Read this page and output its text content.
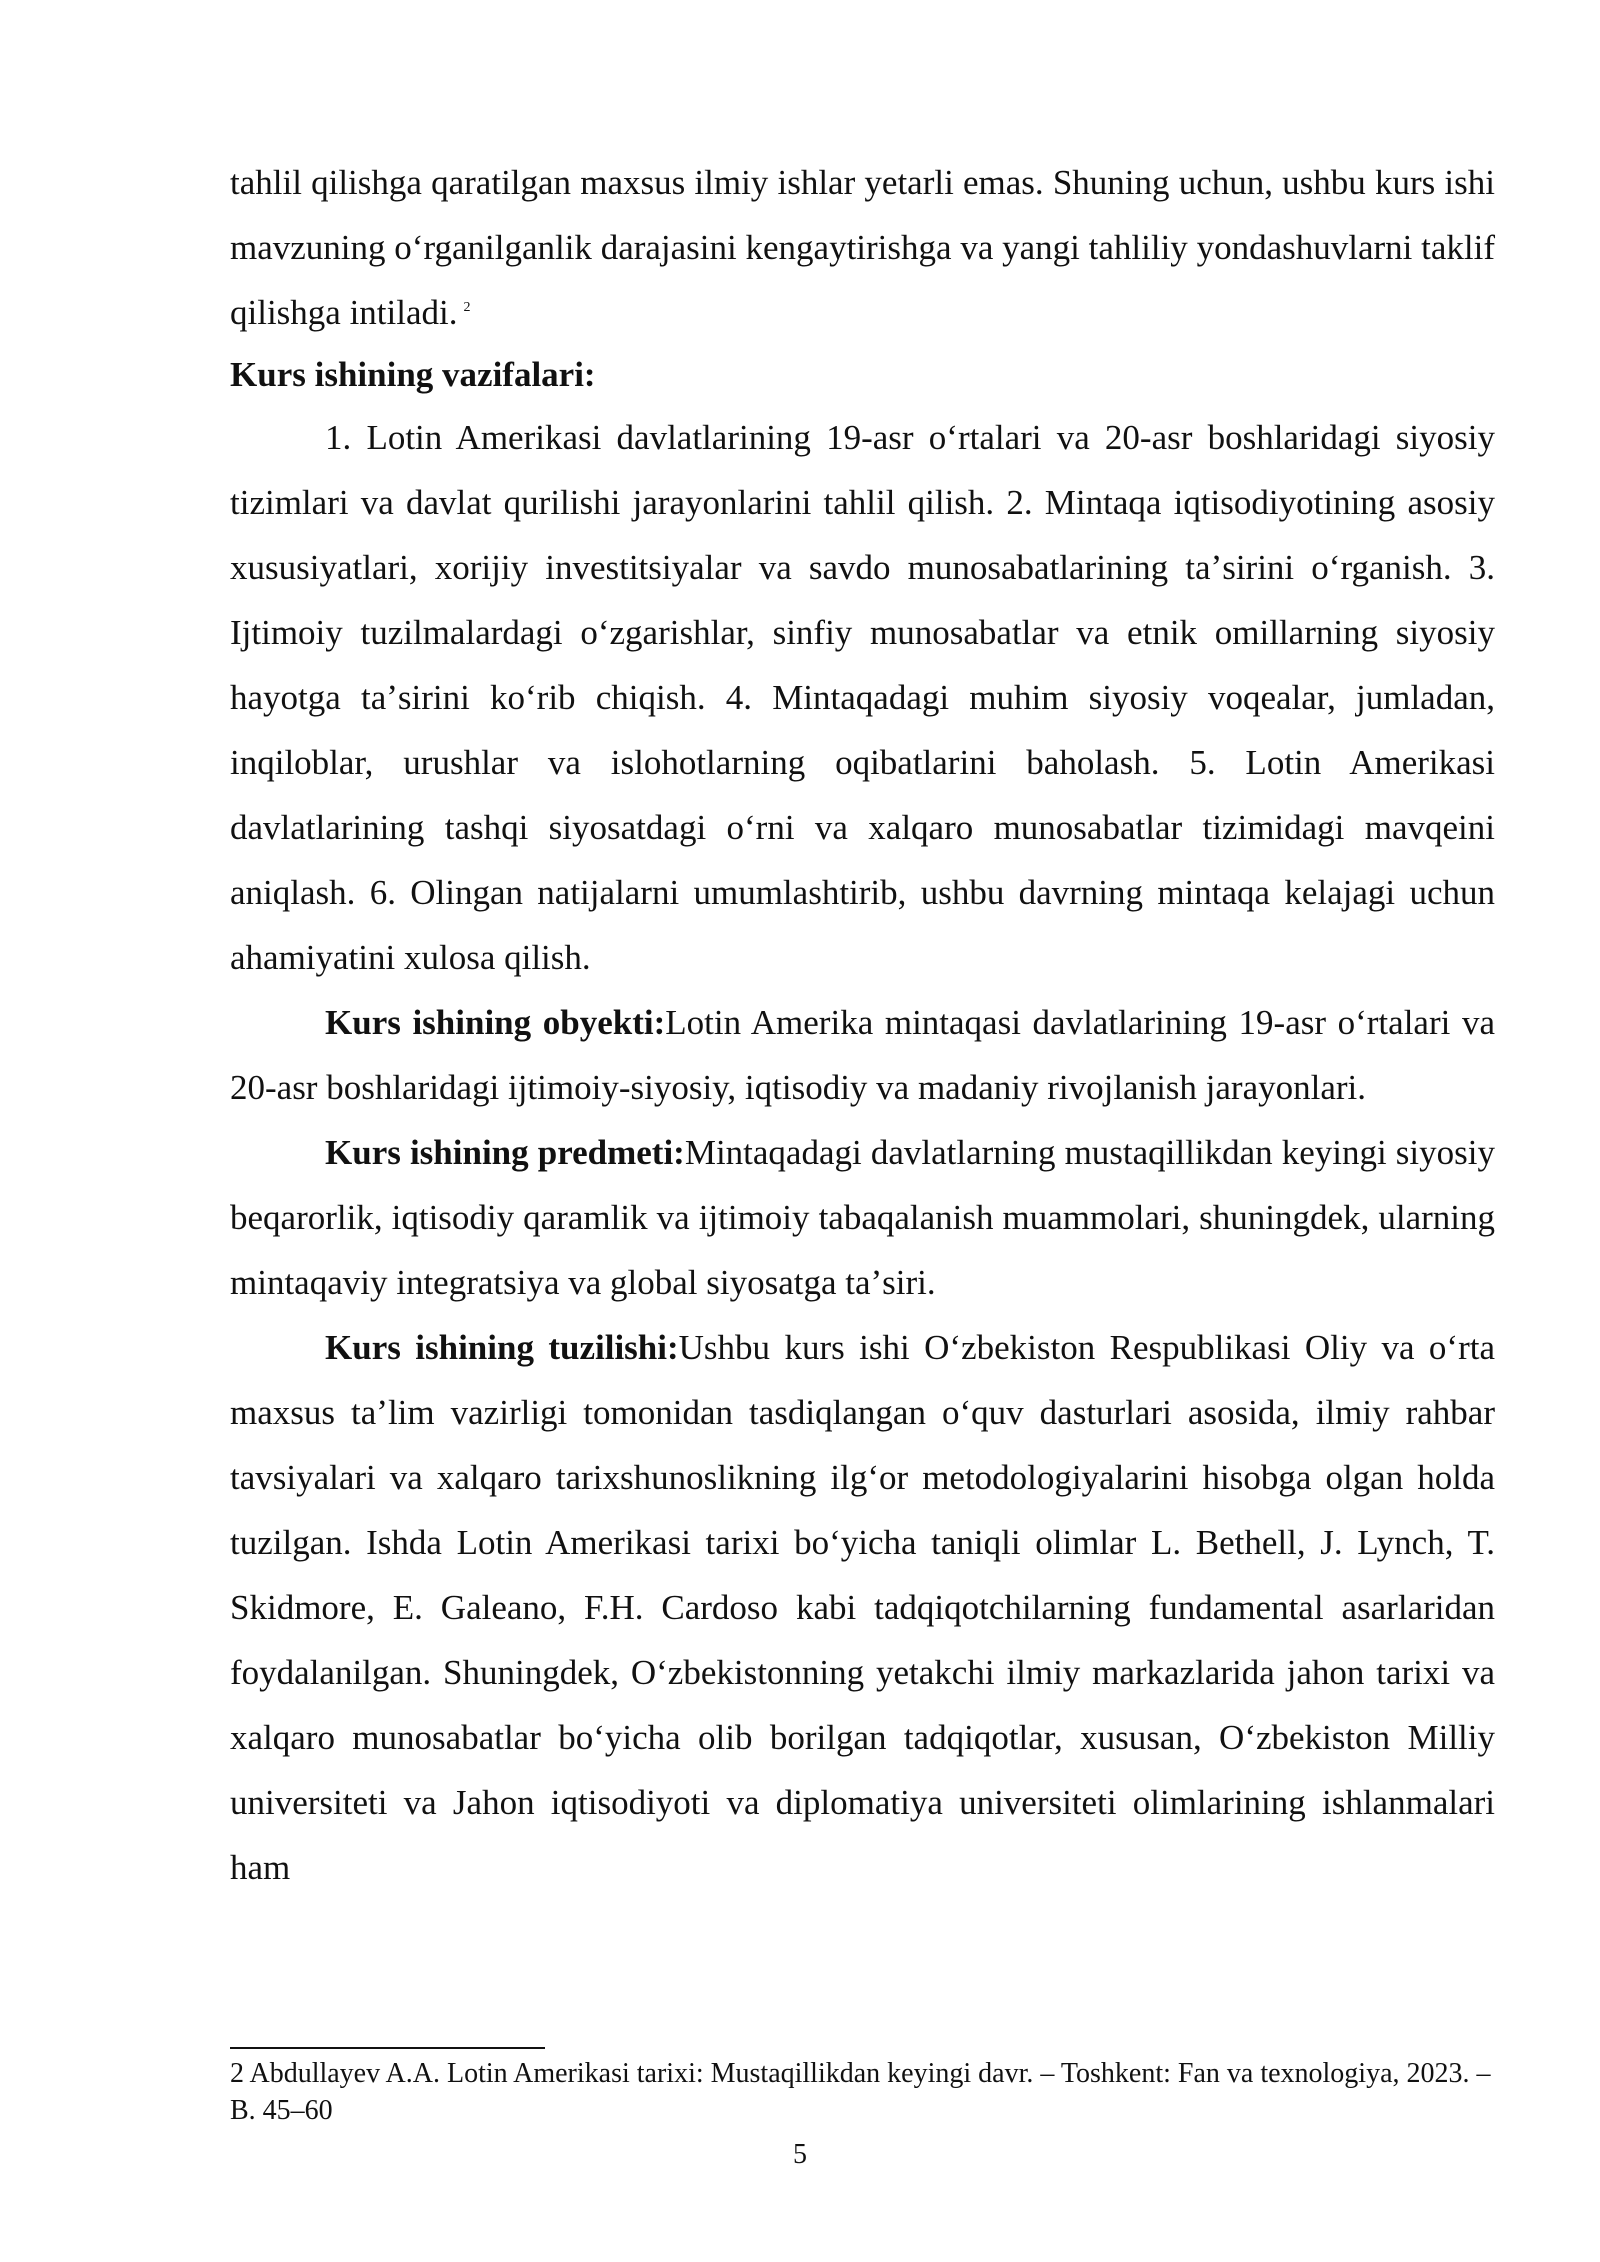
tahlil qilishga qaratilgan maxsus ilmiy ishlar yetarli emas. Shuning uchun, ushbu kurs ishi mavzuning oʻrganilganlik darajasini kengaytirishga va yangi tahliliy yondashuvlarni taklif qilishga intiladi. $^2$

Kurs ishining vazifalari:

1. Lotin Amerikasi davlatlarining 19-asr oʻrtalari va 20-asr boshlaridagi siyosiy tizimlari va davlat qurilishi jarayonlarini tahlil qilish. 2. Mintaqa iqtisodiyotining asosiy xususiyatlari, xorijiy investitsiyalar va savdo munosabatlarining taʼsirini oʻrganish. 3. Ijtimoiy tuzilmalardagi oʻzgarishlar, sinfiy munosabatlar va etnik omillarning siyosiy hayotga taʼsirini koʻrib chiqish. 4. Mintaqadagi muhim siyosiy voqealar, jumladan, inqiloblar, urushlar va islohotlarning oqibatlarini baholash. 5. Lotin Amerikasi davlatlarining tashqi siyosatdagi oʻrni va xalqaro munosabatlar tizimidagi mavqeini aniqlash. 6. Olingan natijalarni umumlashtirib, ushbu davrning mintaqa kelajagi uchun ahamiyatini xulosa qilish.

Kurs ishining obyekti:Lotin Amerika mintaqasi davlatlarining 19-asr oʻrtalari va 20-asr boshlaridagi ijtimoiy-siyosiy, iqtisodiy va madaniy rivojlanish jarayonlari.

Kurs ishining predmeti:Mintaqadagi davlatlarning mustaqillikdan keyingi siyosiy beqarorlik, iqtisodiy qaramlik va ijtimoiy tabaqalanish muammolari, shuningdek, ularning mintaqaviy integratsiya va global siyosatga taʼsiri.

Kurs ishining tuzilishi:Ushbu kurs ishi Oʻzbekiston Respublikasi Oliy va oʻrta maxsus taʼlim vazirligi tomonidan tasdiqlangan oʻquv dasturlari asosida, ilmiy rahbar tavsiyalari va xalqaro tarixshunoslikning ilgʻor metodologiyalarini hisobga olgan holda tuzilgan. Ishda Lotin Amerikasi tarixi boʻyicha taniqli olimlar L. Bethell, J. Lynch, T. Skidmore, E. Galeano, F.H. Cardoso kabi tadqiqotchilarning fundamental asarlaridan foydalanilgan. Shuningdek, Oʻzbekistonning yetakchi ilmiy markazlarida jahon tarixi va xalqaro munosabatlar boʻyicha olib borilgan tadqiqotlar, xususan, Oʻzbekiston Milliy universiteti va Jahon iqtisodiyoti va diplomatiya universiteti olimlarining ishlanmalari ham

2 Abdullayev A.A. Lotin Amerikasi tarixi: Mustaqillikdan keyingi davr. – Toshkent: Fan va texnologiya, 2023. – B. 45–60

5
